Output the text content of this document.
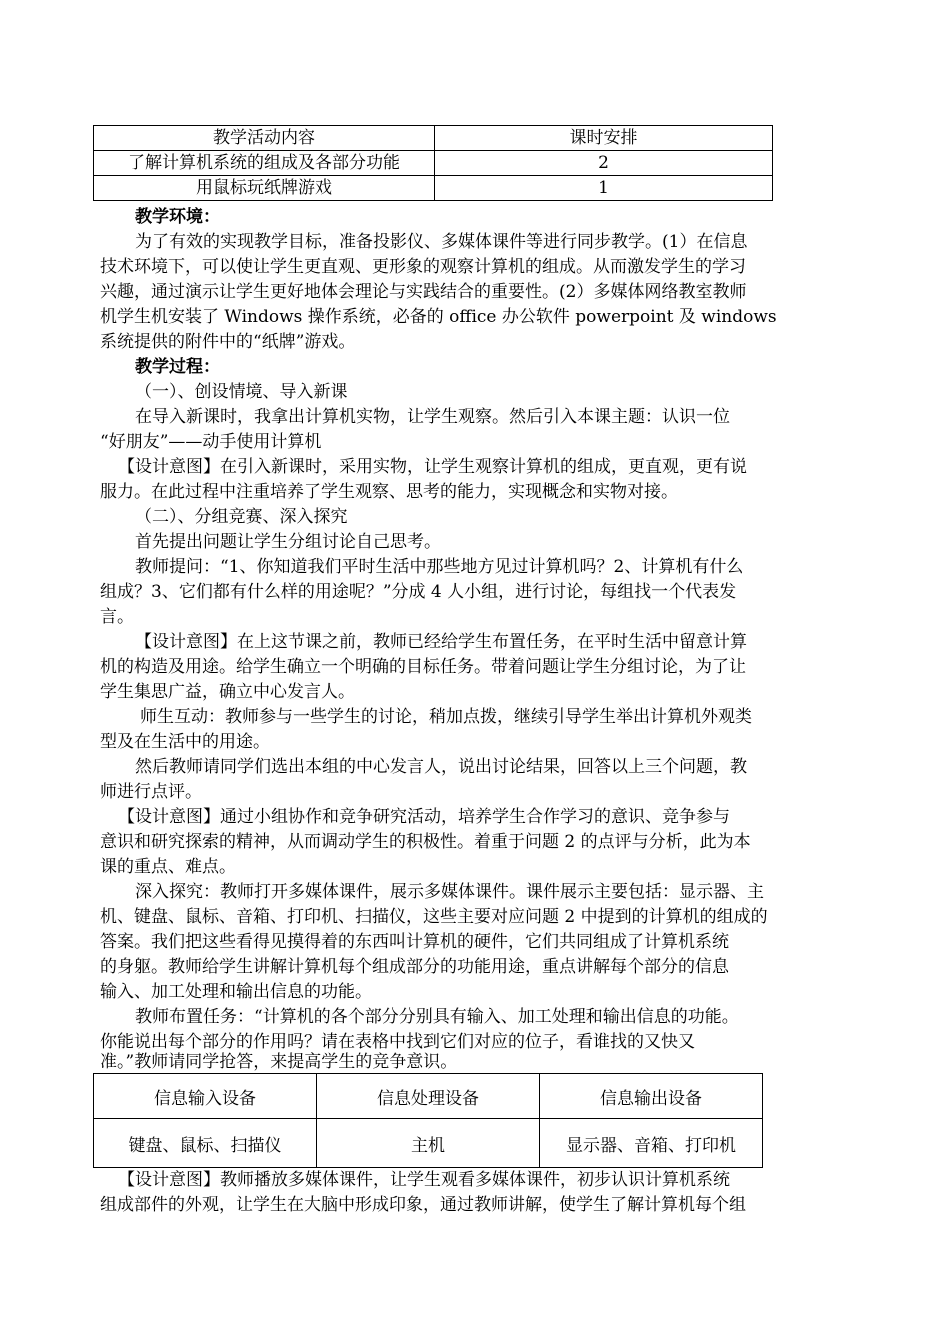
教学活动内容	课时安排
了解计算机系统的组成及各部分功能	2
用鼠标玩纸牌游戏	1
教学环境：
为了有效的实现教学目标，准备投影仪、多媒体课件等进行同步教学。(1）在信息
技术环境下，可以使让学生更直观、更形象的观察计算机的组成。从而激发学生的学习
兴趣，通过演示让学生更好地体会理论与实践结合的重要性。(2）多媒体网络教室教师
机学生机安装了 Windows 操作系统，必备的 office 办公软件 powerpoint 及 windows
系统提供的附件中的“纸牌”游戏。
教学过程：
（一）、创设情境、导入新课
在导入新课时，我拿出计算机实物，让学生观察。然后引入本课主题：认识一位
“好朋友”——动手使用计算机
【设计意图】在引入新课时，采用实物，让学生观察计算机的组成，更直观，更有说
服力。在此过程中注重培养了学生观察、思考的能力，实现概念和实物对接。
（二）、分组竞赛、深入探究
首先提出问题让学生分组讨论自己思考。
教师提问：“1、你知道我们平时生活中那些地方见过计算机吗？2、计算机有什么
组成？3、它们都有什么样的用途呢？”分成 4 人小组，进行讨论，每组找一个代表发
言。
【设计意图】在上这节课之前，教师已经给学生布置任务，在平时生活中留意计算
机的构造及用途。给学生确立一个明确的目标任务。带着问题让学生分组讨论，为了让
学生集思广益，确立中心发言人。
师生互动：教师参与一些学生的讨论，稍加点拨，继续引导学生举出计算机外观类
型及在生活中的用途。
然后教师请同学们选出本组的中心发言人，说出讨论结果，回答以上三个问题，教
师进行点评。
【设计意图】通过小组协作和竞争研究活动，培养学生合作学习的意识、竞争参与
意识和研究探索的精神，从而调动学生的积极性。着重于问题 2 的点评与分析，此为本
课的重点、难点。
深入探究：教师打开多媒体课件，展示多媒体课件。课件展示主要包括：显示器、主
机、键盘、鼠标、音箱、打印机、扫描仪，这些主要对应问题 2 中提到的计算机的组成的
答案。我们把这些看得见摸得着的东西叫计算机的硬件，它们共同组成了计算机系统
的身躯。教师给学生讲解计算机每个组成部分的功能用途，重点讲解每个部分的信息
输入、加工处理和输出信息的功能。
教师布置任务：“计算机的各个部分分别具有输入、加工处理和输出信息的功能。
你能说出每个部分的作用吗？请在表格中找到它们对应的位子，看谁找的又快又
准。”教师请同学抢答，来提高学生的竞争意识。
信息输入设备	信息处理设备	信息输出设备
键盘、鼠标、扫描仪	主机	显示器、音箱、打印机
【设计意图】教师播放多媒体课件，让学生观看多媒体课件，初步认识计算机系统
组成部件的外观，让学生在大脑中形成印象，通过教师讲解，使学生了解计算机每个组
